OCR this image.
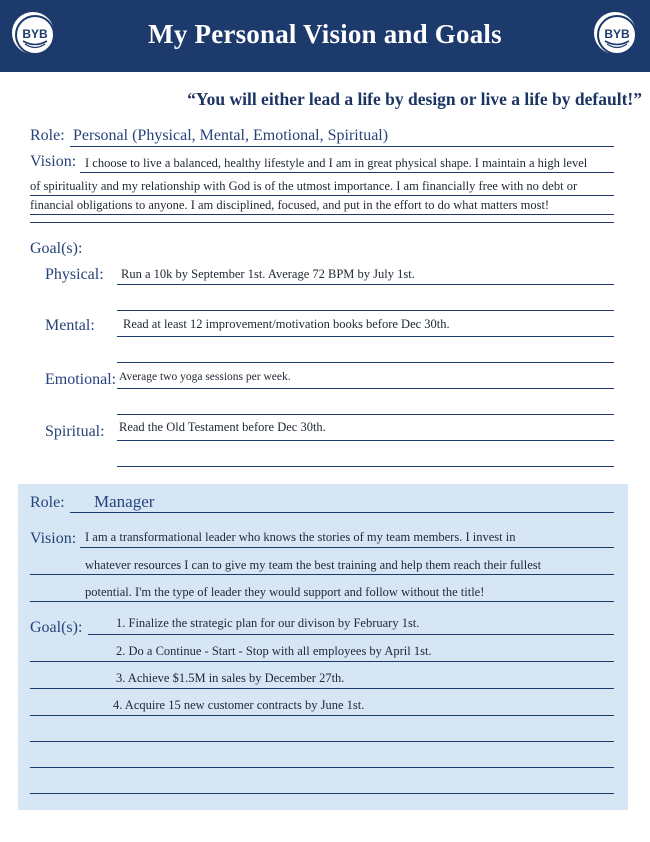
BYB	My Personal Vision and Goals	BYB
“You will either lead a life by design or live a life by default!”
Role: Personal (Physical, Mental, Emotional, Spiritual)
Vision: I choose to live a balanced, healthy lifestyle and I am in great physical shape. I maintain a high level
of spirituality and my relationship with God is of the utmost importance. I am financially free with no debt or
financial obligations to anyone. I am disciplined, focused, and put in the effort to do what matters most!
Goal(s):
Physical: Run a 10k by September 1st. Average 72 BPM by July 1st.
Mental: Read at least 12 improvement/motivation books before Dec 30th.
Emotional: Average two yoga sessions per week.
Spiritual: Read the Old Testament before Dec 30th.
Role: Manager
Vision: I am a transformational leader who knows the stories of my team members. I invest in
whatever resources I can to give my team the best training and help them reach their fullest
potential. I'm the type of leader they would support and follow without the title!
Goal(s):	1. Finalize the strategic plan for our divison by February 1st.
2. Do a Continue - Start - Stop with all employees by April 1st.
3. Achieve $1.5M in sales by December 27th.
4. Acquire 15 new customer contracts by June 1st.
